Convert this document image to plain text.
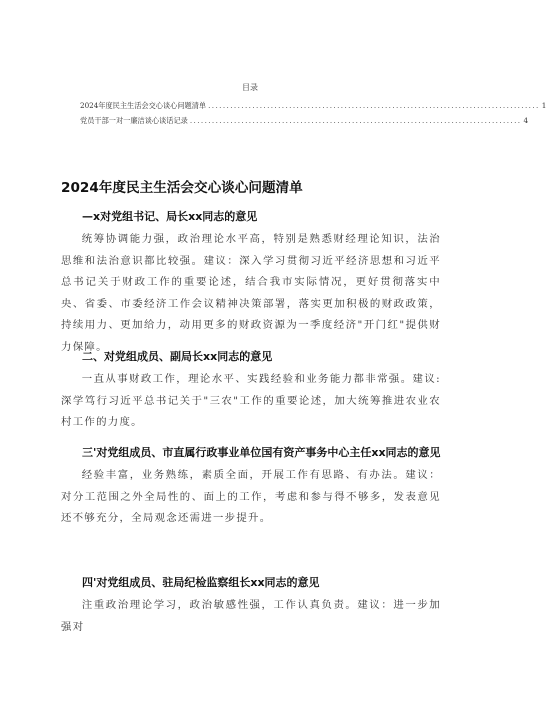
目录
2024年度民主生活会交心谈心问题清单 .......................................................................................... 1
党员干部一对一廉洁谈心谈话记录 .......................................................................................... 4
2024年度民主生活会交心谈心问题清单
—x对党组书记、局长xx同志的意见
统筹协调能力强，政治理论水平高，特别是熟悉财经理论知识，法治思维和法治意识都比较强。建议：深入学习贯彻习近平经济思想和习近平总书记关于财政工作的重要论述，结合我市实际情况，更好贯彻落实中央、省委、市委经济工作会议精神决策部署，落实更加积极的财政政策，持续用力、更加给力，动用更多的财政资源为一季度经济"开门红"提供财力保障。
二、对党组成员、副局长xx同志的意见
一直从事财政工作，理论水平、实践经验和业务能力都非常强。建议:深学笃行习近平总书记关于"三农"工作的重要论述，加大统筹推进农业农村工作的力度。
三'对党组成员、市直属行政事业单位国有资产事务中心主任xx同志的意见
经验丰富，业务熟练，素质全面，开展工作有思路、有办法。建议：对分工范围之外全局性的、面上的工作，考虑和参与得不够多，发表意见还不够充分，全局观念还需进一步提升。
四'对党组成员、驻局纪检监察组长xx同志的意见
注重政治理论学习，政治敏感性强，工作认真负责。建议：进一步加强对
